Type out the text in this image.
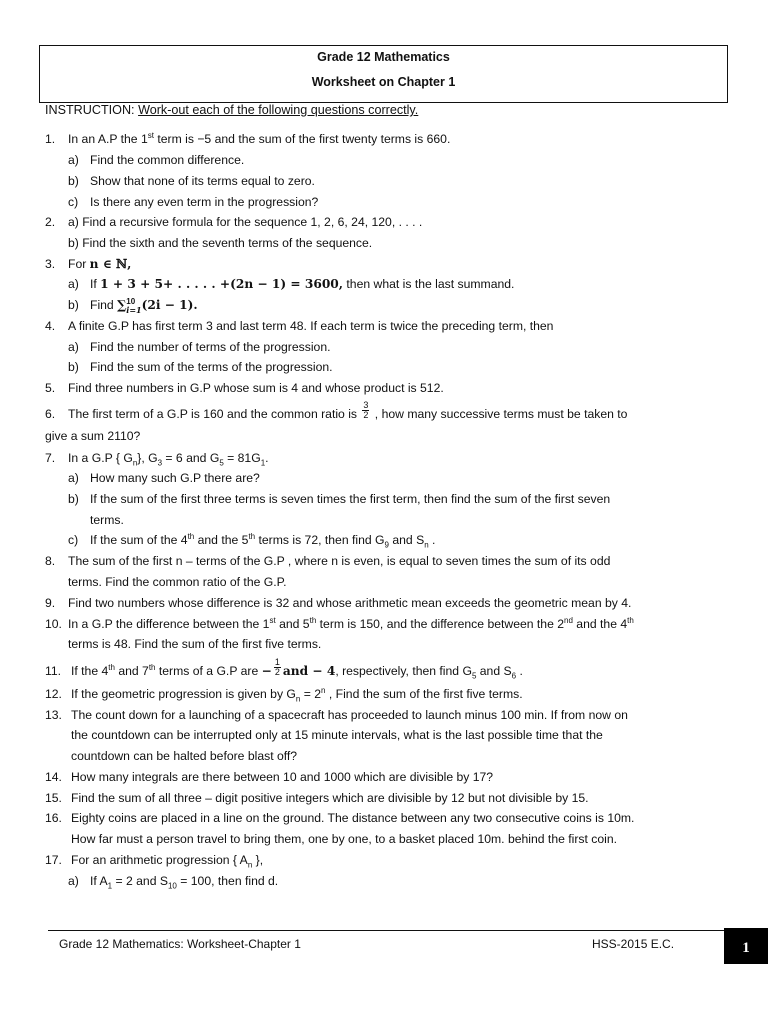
Grade 12 Mathematics
Worksheet on Chapter 1
INSTRUCTION: Work-out each of the following questions correctly.
1. In an A.P the 1st term is −5 and the sum of the first twenty terms is 660.
a) Find the common difference.
b) Show that none of its terms equal to zero.
c) Is there any even term in the progression?
2. a) Find a recursive formula for the sequence 1, 2, 6, 24, 120, . . . .
b) Find the sixth and the seventh terms of the sequence.
3. For n ∈ ℕ,
a) If 1 + 3 + 5+ . . . . . +(2n − 1) = 3600, then what is the last summand.
b) Find ∑ 10
i=1 (2i − 1).
4. A finite G.P has first term 3 and last term 48. If each term is twice the preceding term, then
a) Find the number of terms of the progression.
b) Find the sum of the terms of the progression.
5. Find three numbers in G.P whose sum is 4 and whose product is 512.
6. The first term of a G.P is 160 and the common ratio is $\frac{3}{2}$ , how many successive terms must be taken to
give a sum 2110?
7. In a G.P { $G_n$}, $G_3 = 6$ and $G_5 = 81G_1$.
a) How many such G.P there are?
b) If the sum of the first three terms is seven times the first term, then find the sum of the first seven
terms.
c) If the sum of the 4th and the 5th terms is 72, then find $G_9$ and $S_n$ .
8. The sum of the first n – terms of the G.P , where n is even, is equal to seven times the sum of its odd
terms. Find the common ratio of the G.P.
9. Find two numbers whose difference is 32 and whose arithmetic mean exceeds the geometric mean by 4.
10. In a G.P the difference between the 1st and 5th term is 150, and the difference between the 2nd and the 4th
terms is 48. Find the sum of the first five terms.
11. If the 4th and 7th terms of a G.P are − $\frac{1}{2}$ and − 4, respectively, then find $G_5$ and $S_6$ .
12. If the geometric progression is given by $G_n = 2^n$ , Find the sum of the first five terms.
13. The count down for a launching of a spacecraft has proceeded to launch minus 100 min. If from now on
the countdown can be interrupted only at 15 minute intervals, what is the last possible time that the
countdown can be halted before blast off?
14. How many integrals are there between 10 and 1000 which are divisible by 17?
15. Find the sum of all three – digit positive integers which are divisible by 12 but not divisible by 15.
16. Eighty coins are placed in a line on the ground. The distance between any two consecutive coins is 10m.
How far must a person travel to bring them, one by one, to a basket placed 10m. behind the first coin.
17. For an arithmetic progression { $A_n$ },
a) If $A_1 = 2$ and $S_{10} = 100$, then find d.
Grade 12 Mathematics: Worksheet-Chapter 1	HSS-2015 E.C.	1
